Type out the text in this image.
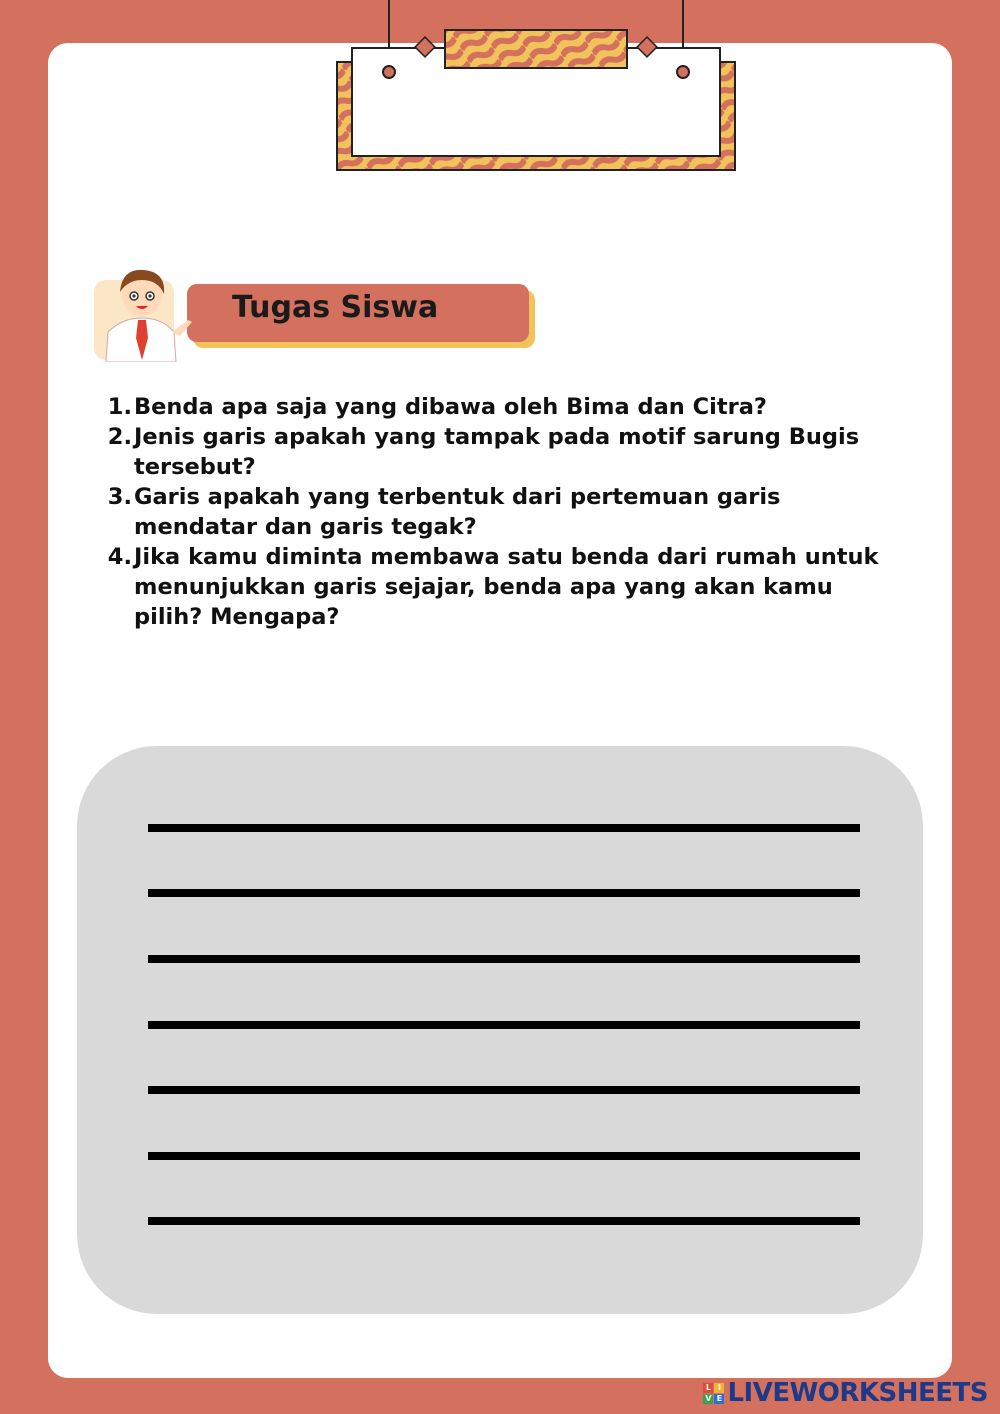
Tugas Siswa
1. Benda apa saja yang dibawa oleh Bima dan Citra?
2. Jenis garis apakah yang tampak pada motif sarung Bugis tersebut?
3. Garis apakah yang terbentuk dari pertemuan garis mendatar dan garis tegak?
4. Jika kamu diminta membawa satu benda dari rumah untuk menunjukkan garis sejajar, benda apa yang akan kamu pilih? Mengapa?
L I
V E LIVEWORKSHEETS
